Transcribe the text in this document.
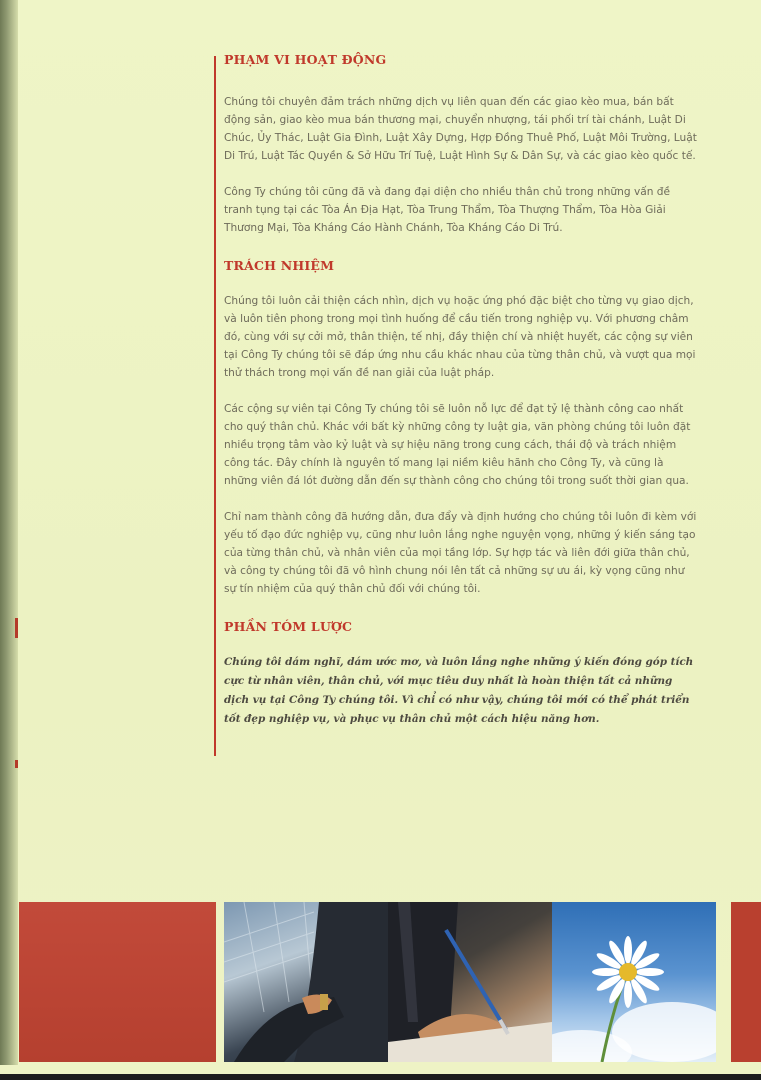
PHẠM VI HOẠT ĐỘNG

Chúng tôi chuyên đảm trách những dịch vụ liên quan đến các giao kèo mua, bán bất động sản, giao kèo mua bán thương mại, chuyển nhượng, tái phối trí tài chánh, Luật Di Chúc, Ủy Thác, Luật Gia Đình, Luật Xây Dựng, Hợp Đồng Thuê Phố, Luật Môi Trường, Luật Di Trú, Luật Tác Quyền & Sở Hữu Trí Tuệ, Luật Hình Sự & Dân Sự, và các giao kèo quốc tế.

Công Ty chúng tôi cũng đã và đang đại diện cho nhiều thân chủ trong những vấn đề tranh tụng tại các Tòa Án Địa Hạt, Tòa Trung Thẩm, Tòa Thượng Thẩm, Tòa Hòa Giải Thương Mại, Tòa Kháng Cáo Hành Chánh, Tòa Kháng Cáo Di Trú.

TRÁCH NHIỆM

Chúng tôi luôn cải thiện cách nhìn, dịch vụ hoặc ứng phó đặc biệt cho từng vụ giao dịch, và luôn tiên phong trong mọi tình huống để cầu tiến trong nghiệp vụ. Với phương châm đó, cùng với sự cởi mở, thân thiện, tế nhị, đầy thiện chí và nhiệt huyết, các cộng sự viên tại Công Ty chúng tôi sẽ đáp ứng nhu cầu khác nhau của từng thân chủ, và vượt qua mọi thử thách trong mọi vấn đề nan giải của luật pháp.

Các cộng sự viên tại Công Ty chúng tôi sẽ luôn nỗ lực để đạt tỷ lệ thành công cao nhất cho quý thân chủ. Khác với bất kỳ những công ty luật gia, văn phòng chúng tôi luôn đặt nhiều trọng tâm vào kỷ luật và sự hiệu năng trong cung cách, thái độ và trách nhiệm công tác. Đây chính là nguyên tố mang lại niềm kiêu hãnh cho Công Ty, và cũng là những viên đá lót đường dẫn đến sự thành công cho chúng tôi trong suốt thời gian qua.

Chỉ nam thành công đã hướng dẫn, đưa đẩy và định hướng cho chúng tôi luôn đi kèm với yếu tố đạo đức nghiệp vụ, cũng như luôn lắng nghe nguyện vọng, những ý kiến sáng tạo của từng thân chủ, và nhân viên của mọi tầng lớp. Sự hợp tác và liên đới giữa thân chủ, và công ty chúng tôi đã vô hình chung nói lên tất cả những sự ưu ái, kỳ vọng cũng như sự tín nhiệm của quý thân chủ đối với chúng tôi.

PHẦN TÓM LƯỢC

Chúng tôi dám nghĩ, dám ước mơ, và luôn lắng nghe những ý kiến đóng góp tích cực từ nhân viên, thân chủ, với mục tiêu duy nhất là hoàn thiện tất cả những dịch vụ tại Công Ty chúng tôi. Vì chỉ có như vậy, chúng tôi mới có thể phát triển tốt đẹp nghiệp vụ, và phục vụ thân chủ một cách hiệu năng hơn.
